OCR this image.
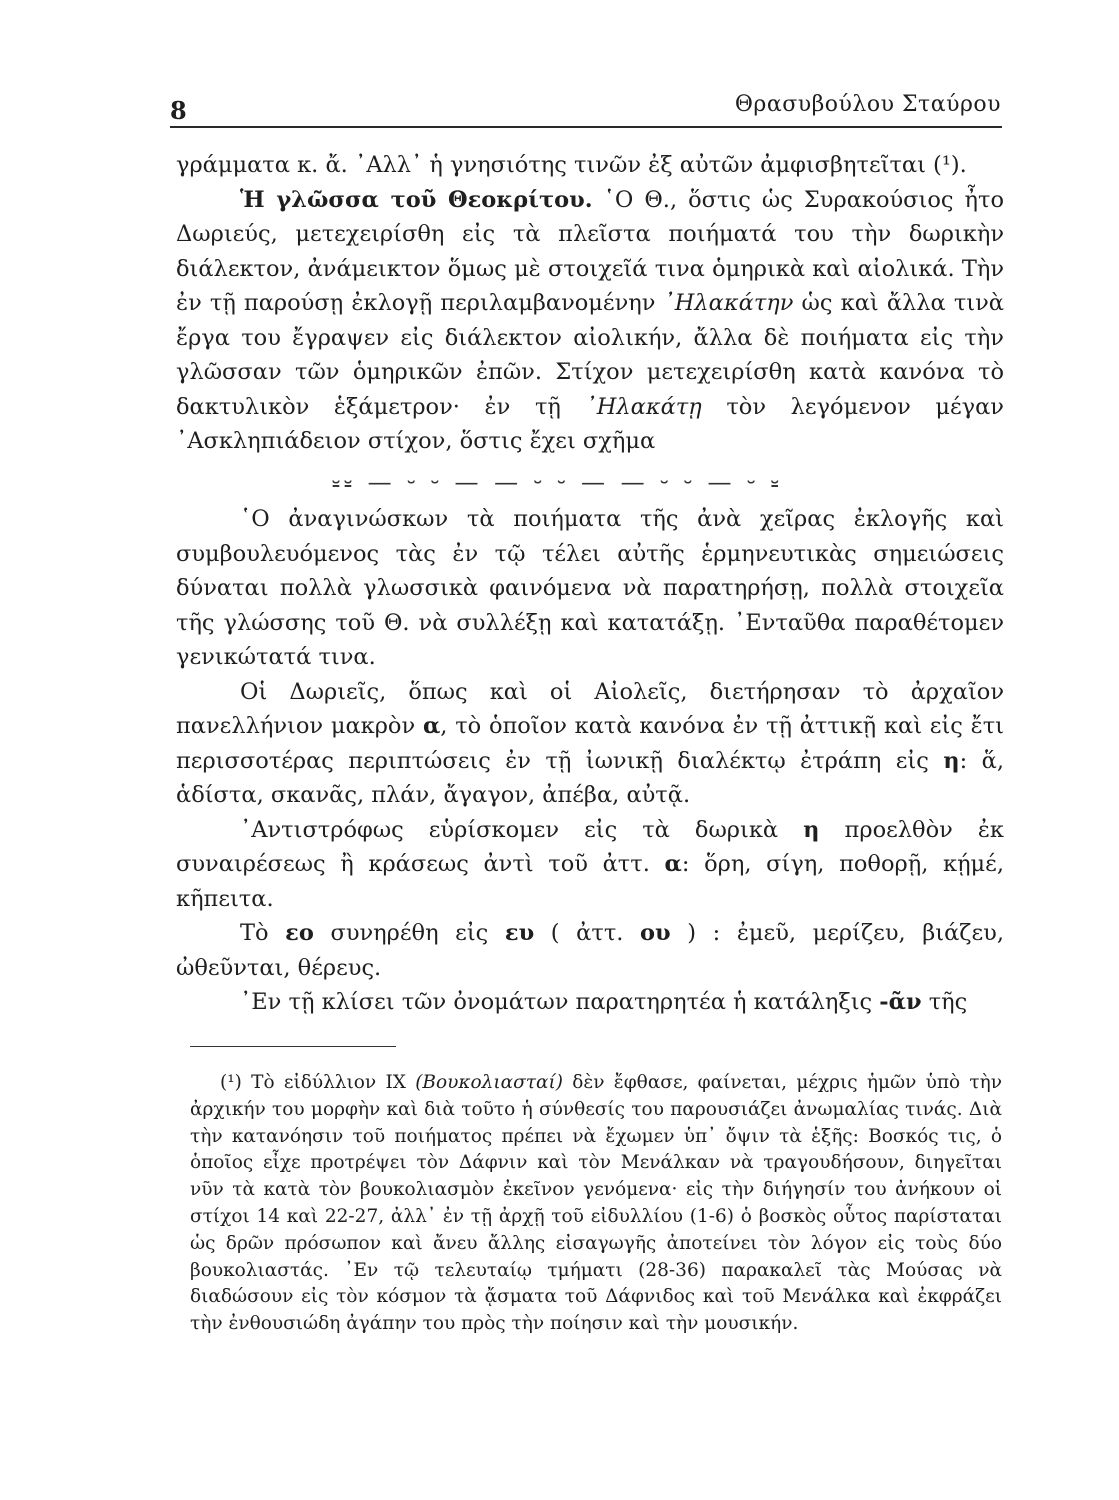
8	Θρασυβούλου Σταύρου

γράμματα κ. ἄ. ᾿Αλλ᾿ ἡ γνησιότης τινῶν ἐξ αὐτῶν ἀμφισβητεῖται (¹).

Ἡ γλῶσσα τοῦ Θεοκρίτου. ῾Ο Θ., ὅστις ὡς Συρακούσιος ἦτο Δωριεύς, μετεχειρίσθη εἰς τὰ πλεῖστα ποιήματά του τὴν δωρικὴν διάλεκτον, ἀνάμεικτον ὅμως μὲ στοιχεῖά τινα ὁμηρικὰ καὶ αἰολικά. Τὴν ἐν τῇ παρούσῃ ἐκλογῇ περιλαμβανομένην ᾿Ηλακάτην ὡς καὶ ἄλλα τινὰ ἔργα του ἔγραψεν εἰς διάλεκτον αἰολικήν, ἄλλα δὲ ποιήματα εἰς τὴν γλῶσσαν τῶν ὁμηρικῶν ἐπῶν. Στίχον μετεχειρίσθη κατὰ κανόνα τὸ δακτυλικὸν ἑξάμετρον· ἐν τῇ ᾿Ηλακάτῃ τὸν λεγόμενον μέγαν ᾿Ασκληπιάδειον στίχον, ὅστις ἔχει σχῆμα

⏓⏓ — ⏑ ⏑ — — ⏑ ⏑ — — ⏑ ⏑ — ⏑ ⏓

῾Ο ἀναγινώσκων τὰ ποιήματα τῆς ἀνὰ χεῖρας ἐκλογῆς καὶ συμβουλευόμενος τὰς ἐν τῷ τέλει αὐτῆς ἑρμηνευτικὰς σημειώσεις δύναται πολλὰ γλωσσικὰ φαινόμενα νὰ παρατηρήσῃ, πολλὰ στοιχεῖα τῆς γλώσσης τοῦ Θ. νὰ συλλέξῃ καὶ κατατάξῃ. ᾿Ενταῦθα παραθέτομεν γενικώτατά τινα.

Οἱ Δωριεῖς, ὅπως καὶ οἱ Αἰολεῖς, διετήρησαν τὸ ἀρχαῖον πανελλήνιον μακρὸν α, τὸ ὁποῖον κατὰ κανόνα ἐν τῇ ἀττικῇ καὶ εἰς ἔτι περισσοτέρας περιπτώσεις ἐν τῇ ἰωνικῇ διαλέκτῳ ἐτράπη εἰς η: ἅ, ἁδίστα, σκανᾶς, πλάν, ἄγαγον, ἀπέβα, αὐτᾷ.

᾿Αντιστρόφως εὑρίσκομεν εἰς τὰ δωρικὰ η προελθὸν ἐκ συναιρέσεως ἢ κράσεως ἀντὶ τοῦ ἀττ. α: ὅρη, σίγη, ποθορῇ, κῄμέ, κῆπειτα.

Τὸ εο συνηρέθη εἰς ευ ( ἀττ. ου ) : ἐμεῦ, μερίζευ, βιάζευ, ὠθεῦνται, θέρευς.

᾿Εν τῇ κλίσει τῶν ὀνομάτων παρατηρητέα ἡ κατάληξις -ᾶν τῆς

(¹) Τὸ εἰδύλλιον IX (Βουκολιασταί) δὲν ἔφθασε, φαίνεται, μέχρις ἡμῶν ὑπὸ τὴν ἀρχικήν του μορφὴν καὶ διὰ τοῦτο ἡ σύνθεσίς του παρουσιάζει ἀνωμαλίας τινάς. Διὰ τὴν κατανόησιν τοῦ ποιήματος πρέπει νὰ ἔχωμεν ὑπ᾿ ὄψιν τὰ ἑξῆς: Βοσκός τις, ὁ ὁποῖος εἶχε προτρέψει τὸν Δάφνιν καὶ τὸν Μενάλκαν νὰ τραγουδήσουν, διηγεῖται νῦν τὰ κατὰ τὸν βουκολιασμὸν ἐκεῖνον γενόμενα· εἰς τὴν διήγησίν του ἀνήκουν οἱ στίχοι 14 καὶ 22-27, ἀλλ᾿ ἐν τῇ ἀρχῇ τοῦ εἰδυλλίου (1-6) ὁ βοσκὸς οὗτος παρίσταται ὡς δρῶν πρόσωπον καὶ ἄνευ ἄλλης εἰσαγωγῆς ἀποτείνει τὸν λόγον εἰς τοὺς δύο βουκολιαστάς. ᾿Εν τῷ τελευταίῳ τμήματι (28-36) παρακαλεῖ τὰς Μούσας νὰ διαδώσουν εἰς τὸν κόσμον τὰ ᾄσματα τοῦ Δάφνιδος καὶ τοῦ Μενάλκα καὶ ἐκφράζει τὴν ἐνθουσιώδη ἀγάπην του πρὸς τὴν ποίησιν καὶ τὴν μουσικήν.
